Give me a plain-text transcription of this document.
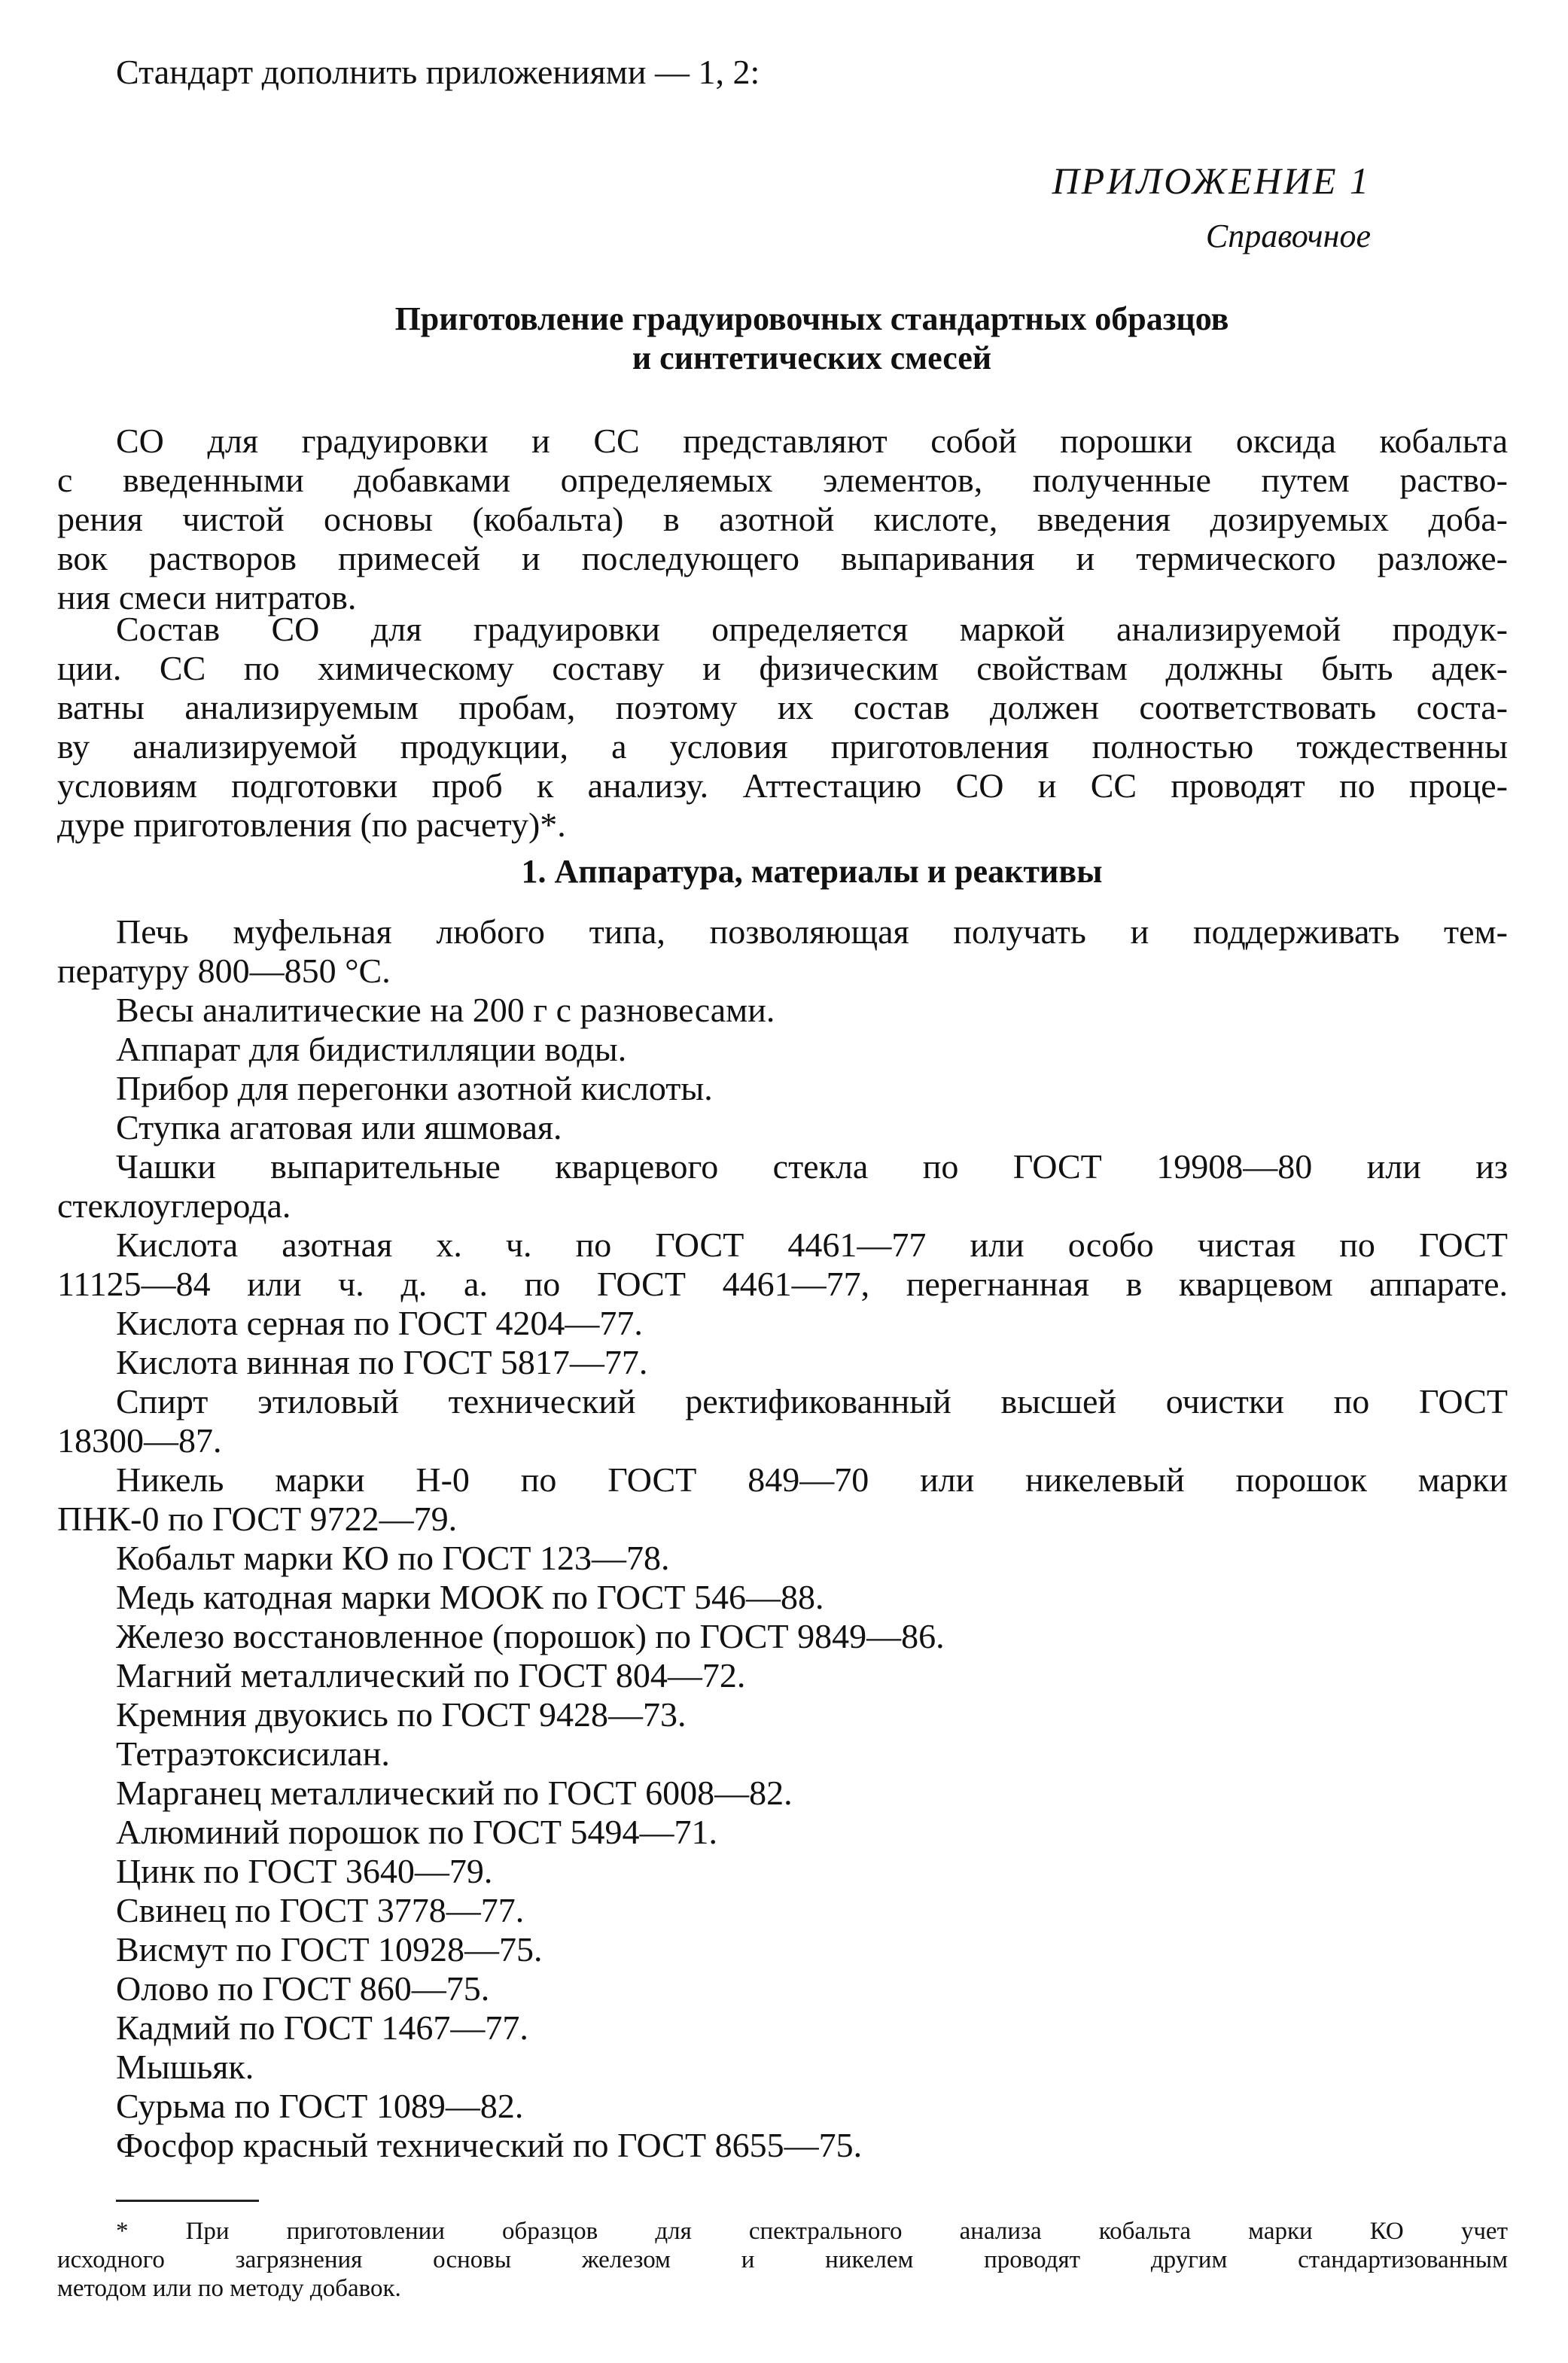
Стандарт дополнить приложениями — 1, 2:
ПРИЛОЖЕНИЕ 1
Справочное
Приготовление градуировочных стандартных образцов
и синтетических смесей
СО для градуировки и СС представляют собой порошки оксида кобальта
с введенными добавками определяемых элементов, полученные путем раство-
рения чистой основы (кобальта) в азотной кислоте, введения дозируемых доба-
вок растворов примесей и последующего выпаривания и термического разложе-
ния смеси нитратов.
Состав СО для градуировки определяется маркой анализируемой продук-
ции. СС по химическому составу и физическим свойствам должны быть адек-
ватны анализируемым пробам, поэтому их состав должен соответствовать соста-
ву анализируемой продукции, а условия приготовления полностью тождественны
условиям подготовки проб к анализу. Аттестацию СО и СС проводят по проце-
дуре приготовления (по расчету)*.
1. Аппаратура, материалы и реактивы
Печь муфельная любого типа, позволяющая получать и поддерживать тем-
пературу 800—850 °С.
Весы аналитические на 200 г с разновесами.
Аппарат для бидистилляции воды.
Прибор для перегонки азотной кислоты.
Ступка агатовая или яшмовая.
Чашки выпарительные кварцевого стекла по ГОСТ 19908—80 или из
стеклоуглерода.
Кислота азотная х. ч. по ГОСТ 4461—77 или особо чистая по ГОСТ
11125—84 или ч. д. а. по ГОСТ 4461—77, перегнанная в кварцевом аппарате.
Кислота серная по ГОСТ 4204—77.
Кислота винная по ГОСТ 5817—77.
Спирт этиловый технический ректификованный высшей очистки по ГОСТ
18300—87.
Никель марки Н-0 по ГОСТ 849—70 или никелевый порошок марки
ПНК-0 по ГОСТ 9722—79.
Кобальт марки КО по ГОСТ 123—78.
Медь катодная марки МООК по ГОСТ 546—88.
Железо восстановленное (порошок) по ГОСТ 9849—86.
Магний металлический по ГОСТ 804—72.
Кремния двуокись по ГОСТ 9428—73.
Тетраэтоксисилан.
Марганец металлический по ГОСТ 6008—82.
Алюминий порошок по ГОСТ 5494—71.
Цинк по ГОСТ 3640—79.
Свинец по ГОСТ 3778—77.
Висмут по ГОСТ 10928—75.
Олово по ГОСТ 860—75.
Кадмий по ГОСТ 1467—77.
Мышьяк.
Сурьма по ГОСТ 1089—82.
Фосфор красный технический по ГОСТ 8655—75.
* При приготовлении образцов для спектрального анализа кобальта марки КО учет
исходного загрязнения основы железом и никелем проводят другим стандартизованным
методом или по методу добавок.
